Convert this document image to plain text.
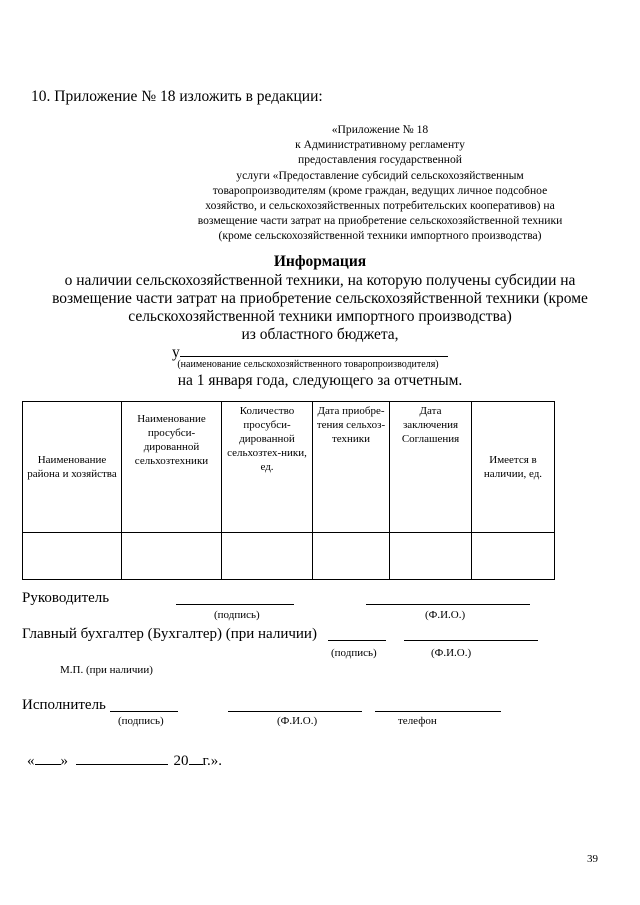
10. Приложение № 18 изложить в редакции:
«Приложение № 18
к Административному регламенту
предоставления государственной
услуги «Предоставление субсидий сельскохозяйственным
товаропроизводителям (кроме граждан, ведущих личное подсобное
хозяйство, и сельскохозяйственных потребительских кооперативов) на
возмещение части затрат на приобретение сельскохозяйственной техники
(кроме сельскохозяйственной техники импортного производства)
Информация
о наличии сельскохозяйственной техники, на которую получены субсидии на
возмещение части затрат на приобретение сельскохозяйственной техники (кроме
сельскохозяйственной техники импортного производства)
из областного бюджета,
у
(наименование сельскохозяйственного товаропроизводителя)
на 1 января года, следующего за отчетным.
Наименование района и хозяйства	Наименование просубси-дированной сельхозтехники	Количество просубси-дированной сельхозтех-ники, ед.	Дата приобре-тения сельхоз-техники	Дата заключения Соглашения	Имеется в наличии, ед.

Руководитель
(подпись)	(Ф.И.О.)
Главный бухгалтер (Бухгалтер) (при наличии)
(подпись)	(Ф.И.О.)
М.П. (при наличии)
Исполнитель
(подпись)	(Ф.И.О.)	телефон
« »	20 г.».
39
